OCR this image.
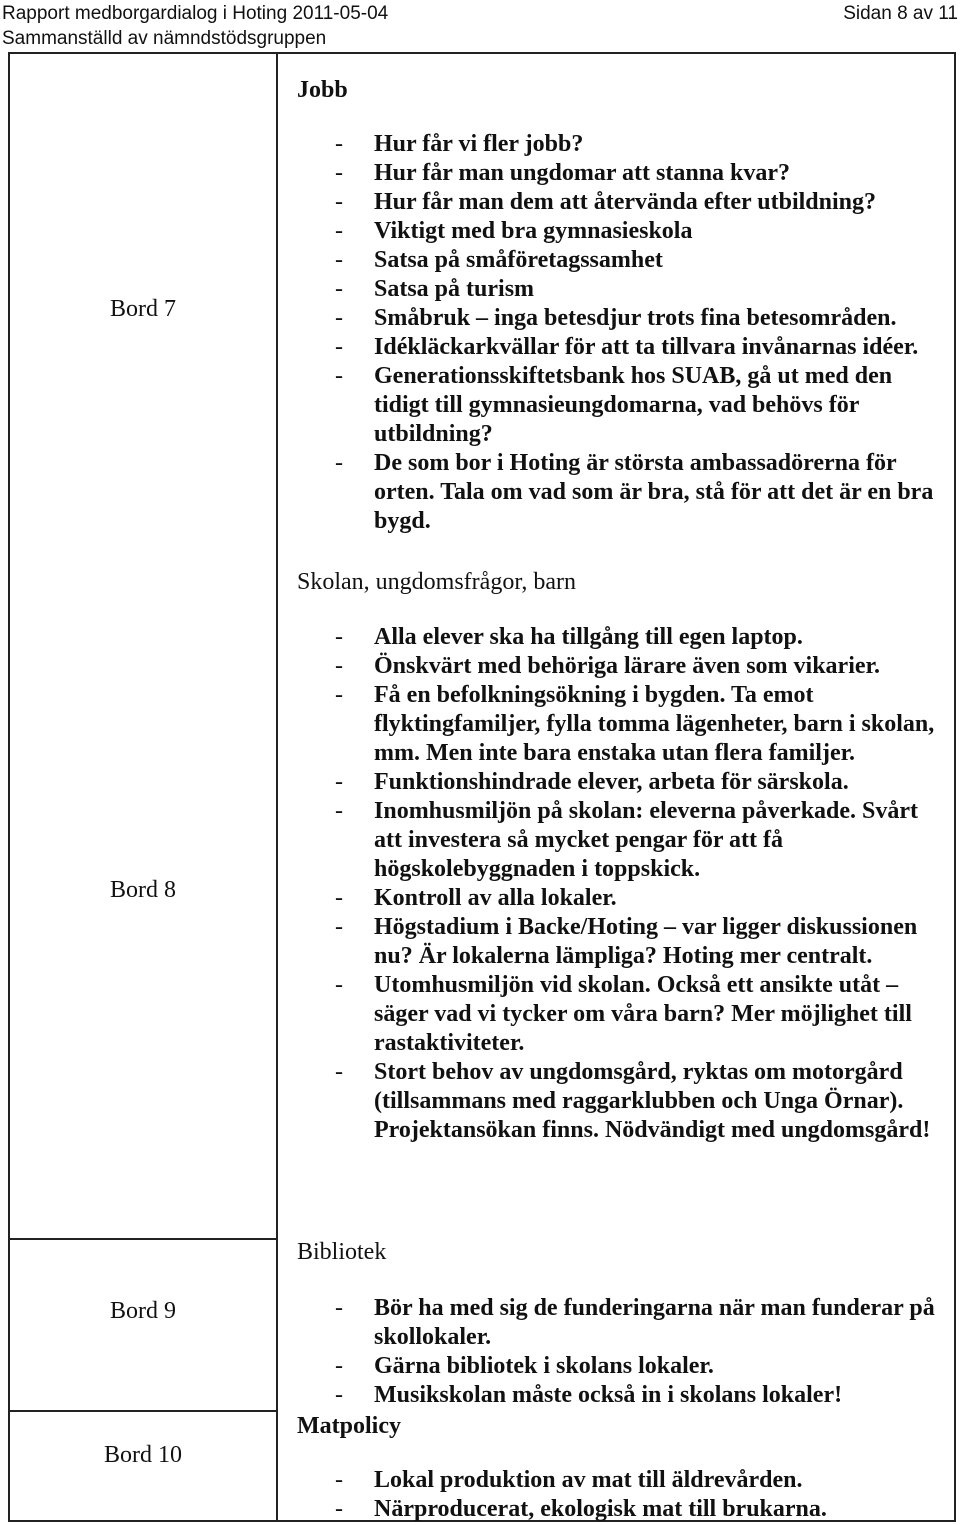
Rapport medborgardialog i Hoting 2011-05-04	Sidan 8 av 11
Sammanställd av nämndstödsgruppen
Bord 7
Bord 8
Bord 9
Bord 10
Jobb
- Hur får vi fler jobb?
- Hur får man ungdomar att stanna kvar?
- Hur får man dem att återvända efter utbildning?
- Viktigt med bra gymnasieskola
- Satsa på småföretagssamhet
- Satsa på turism
- Småbruk – inga betesdjur trots fina betesområden.
- Idékläckarkvällar för att ta tillvara invånarnas idéer.
- Generationsskiftetsbank hos SUAB, gå ut med den tidigt till gymnasieungdomarna, vad behövs för utbildning?
- De som bor i Hoting är största ambassadörerna för orten. Tala om vad som är bra, stå för att det är en bra bygd.
Skolan, ungdomsfrågor, barn
- Alla elever ska ha tillgång till egen laptop.
- Önskvärt med behöriga lärare även som vikarier.
- Få en befolkningsökning i bygden. Ta emot flyktingfamiljer, fylla tomma lägenheter, barn i skolan, mm. Men inte bara enstaka utan flera familjer.
- Funktionshindrade elever, arbeta för särskola.
- Inomhusmiljön på skolan: eleverna påverkade. Svårt att investera så mycket pengar för att få högskolebyggnaden i toppskick.
- Kontroll av alla lokaler.
- Högstadium i Backe/Hoting – var ligger diskussionen nu? Är lokalerna lämpliga? Hoting mer centralt.
- Utomhusmiljön vid skolan. Också ett ansikte utåt – säger vad vi tycker om våra barn? Mer möjlighet till rastaktiviteter.
- Stort behov av ungdomsgård, ryktas om motorgård (tillsammans med raggarklubben och Unga Örnar). Projektansökan finns. Nödvändigt med ungdomsgård!
Bibliotek
- Bör ha med sig de funderingarna när man funderar på skollokaler.
- Gärna bibliotek i skolans lokaler.
- Musikskolan måste också in i skolans lokaler!
Matpolicy
- Lokal produktion av mat till äldrevården.
- Närproducerat, ekologisk mat till brukarna.
